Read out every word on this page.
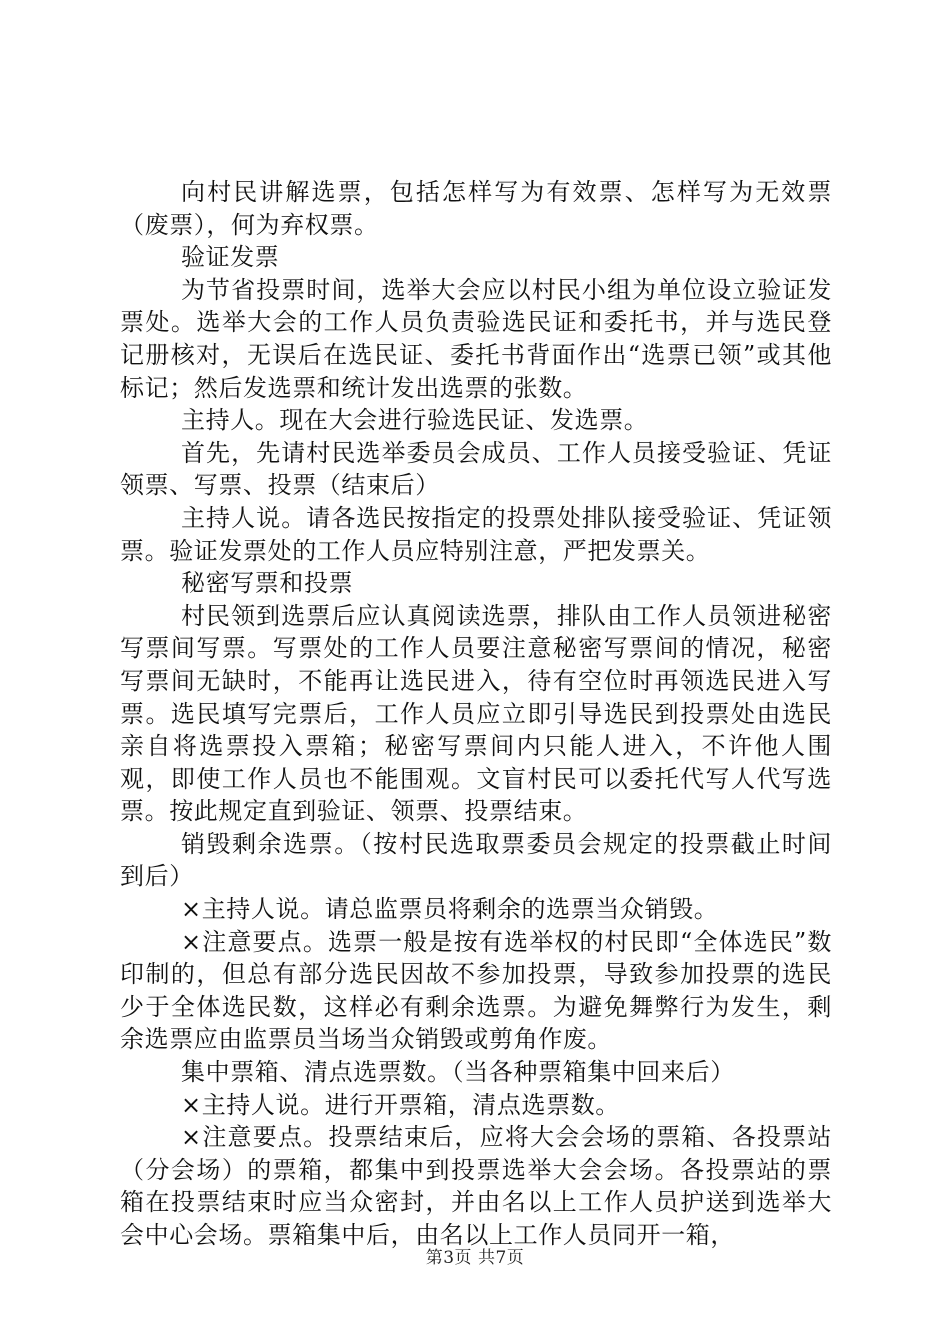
向村民讲解选票，包括怎样写为有效票、怎样写为无效票（废票），何为弃权票。

验证发票

为节省投票时间，选举大会应以村民小组为单位设立验证发票处。选举大会的工作人员负责验选民证和委托书，并与选民登记册核对，无误后在选民证、委托书背面作出“选票已领”或其他标记；然后发选票和统计发出选票的张数。

主持人。现在大会进行验选民证、发选票。

首先，先请村民选举委员会成员、工作人员接受验证、凭证领票、写票、投票（结束后）

主持人说。请各选民按指定的投票处排队接受验证、凭证领票。验证发票处的工作人员应特别注意，严把发票关。

秘密写票和投票

村民领到选票后应认真阅读选票，排队由工作人员领进秘密写票间写票。写票处的工作人员要注意秘密写票间的情况，秘密写票间无缺时，不能再让选民进入，待有空位时再领选民进入写票。选民填写完票后，工作人员应立即引导选民到投票处由选民亲自将选票投入票箱；秘密写票间内只能人进入，不许他人围观，即使工作人员也不能围观。文盲村民可以委托代写人代写选票。按此规定直到验证、领票、投票结束。

销毁剩余选票。（按村民选取票委员会规定的投票截止时间到后）

×主持人说。请总监票员将剩余的选票当众销毁。

×注意要点。选票一般是按有选举权的村民即“全体选民”数印制的，但总有部分选民因故不参加投票，导致参加投票的选民少于全体选民数，这样必有剩余选票。为避免舞弊行为发生，剩余选票应由监票员当场当众销毁或剪角作废。

集中票箱、清点选票数。（当各种票箱集中回来后）

×主持人说。进行开票箱，清点选票数。

×注意要点。投票结束后，应将大会会场的票箱、各投票站（分会场）的票箱，都集中到投票选举大会会场。各投票站的票箱在投票结束时应当众密封，并由名以上工作人员护送到选举大会中心会场。票箱集中后，由名以上工作人员同开一箱，

第3页 共7页
